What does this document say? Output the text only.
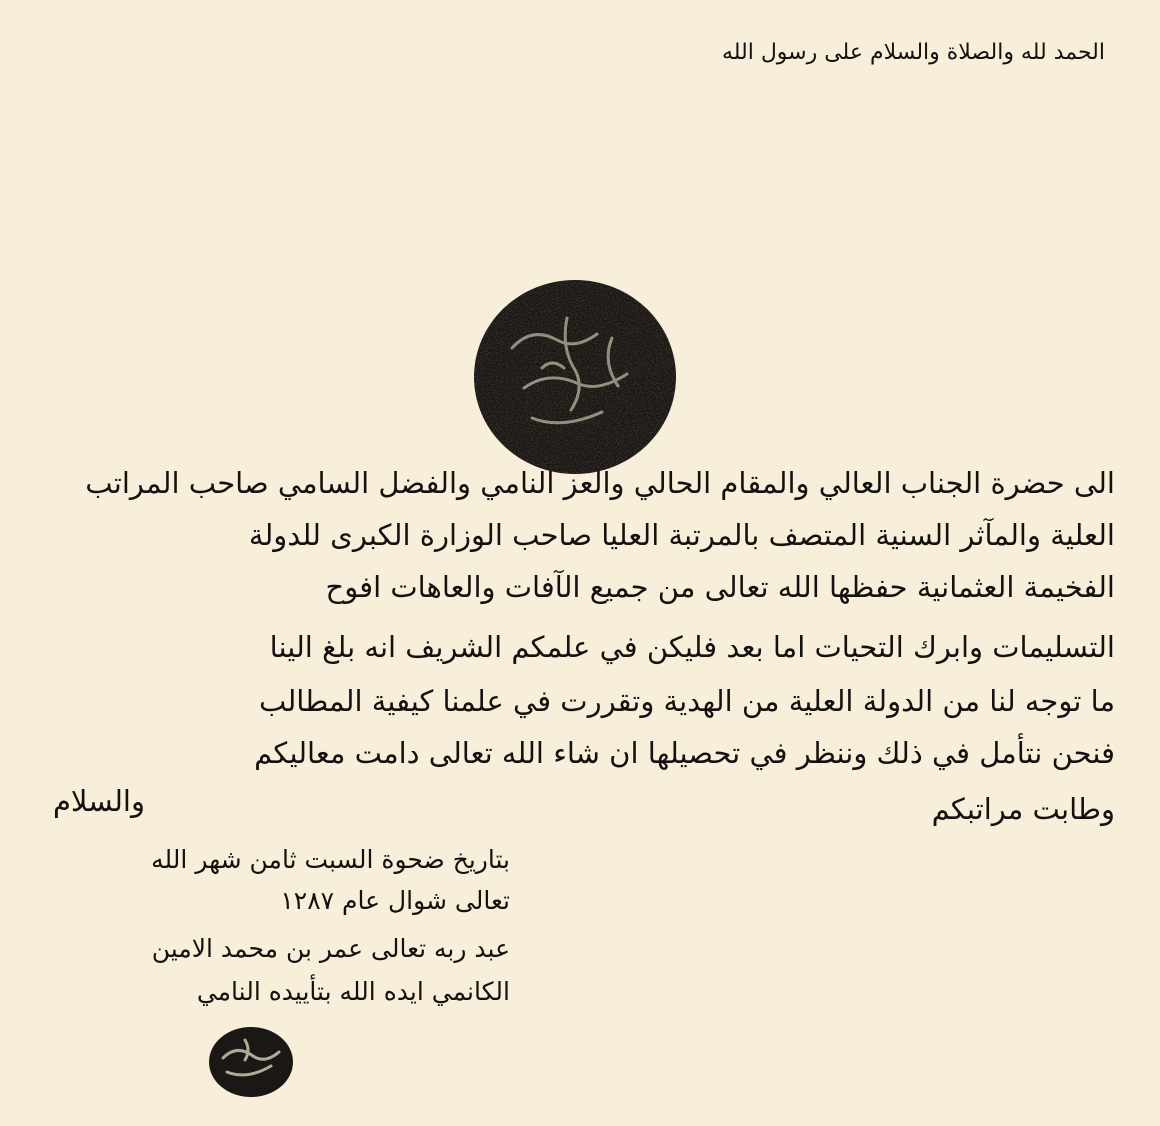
الحمد لله والصلاة والسلام على رسول الله
الى حضرة الجناب العالي والمقام الحالي والعز النامي والفضل السامي صاحب المراتب
العلية والمآثر السنية المتصف بالمرتبة العليا صاحب الوزارة الكبرى للدولة
الفخيمة العثمانية حفظها الله تعالى من جميع الآفات والعاهات افوح
التسليمات وابرك التحيات اما بعد فليكن في علمكم الشريف انه بلغ الينا
ما توجه لنا من الدولة العلية من الهدية وتقررت في علمنا كيفية المطالب
فنحن نتأمل في ذلك وننظر في تحصيلها ان شاء الله تعالى دامت معاليكم
وطابت مراتبكم
والسلام
بتاريخ ضحوة السبت ثامن شهر الله
تعالى شوال عام ١٢٨٧
عبد ربه تعالى عمر بن محمد الامين
الكانمي ايده الله بتأييده النامي
